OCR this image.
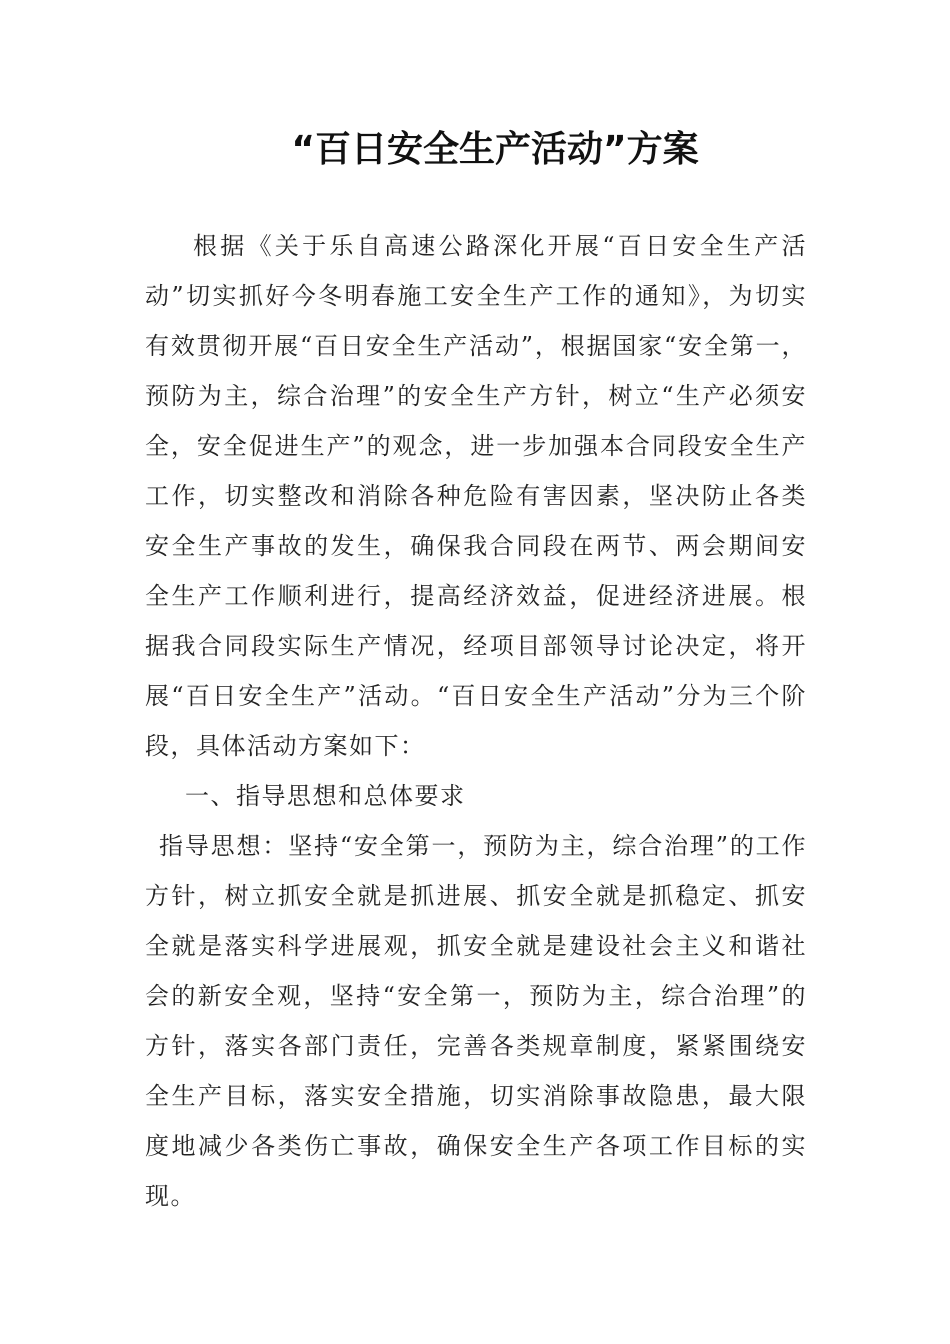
“百日安全生产活动”方案

根据《关于乐自高速公路深化开展“百日安全生产活动”切实抓好今冬明春施工安全生产工作的通知》，为切实有效贯彻开展“百日安全生产活动”，根据国家“安全第一，预防为主，综合治理”的安全生产方针，树立“生产必须安全，安全促进生产”的观念，进一步加强本合同段安全生产工作，切实整改和消除各种危险有害因素，坚决防止各类安全生产事故的发生，确保我合同段在两节、两会期间安全生产工作顺利进行，提高经济效益，促进经济进展。根据我合同段实际生产情况，经项目部领导讨论决定，将开展“百日安全生产”活动。“百日安全生产活动”分为三个阶段，具体活动方案如下：

一、指导思想和总体要求

指导思想：坚持“安全第一，预防为主，综合治理”的工作方针，树立抓安全就是抓进展、抓安全就是抓稳定、抓安全就是落实科学进展观，抓安全就是建设社会主义和谐社会的新安全观，坚持“安全第一，预防为主，综合治理”的方针，落实各部门责任，完善各类规章制度，紧紧围绕安全生产目标，落实安全措施，切实消除事故隐患，最大限度地减少各类伤亡事故，确保安全生产各项工作目标的实现。
